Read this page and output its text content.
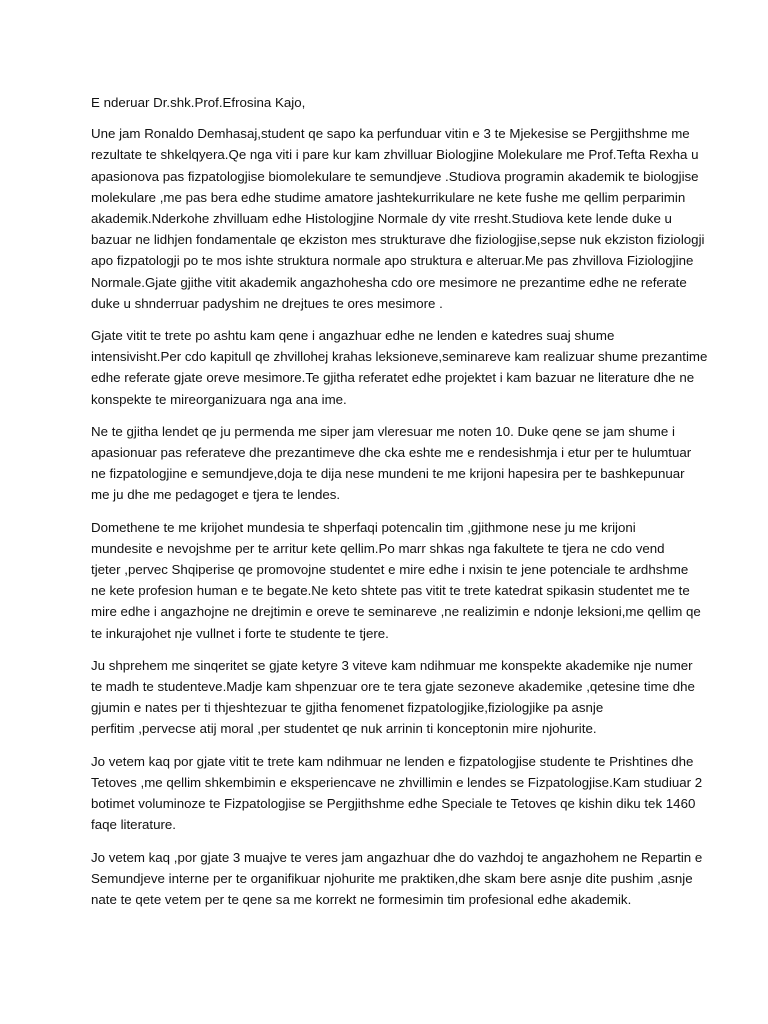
E nderuar Dr.shk.Prof.Efrosina Kajo,

Une jam Ronaldo Demhasaj,student qe sapo ka perfunduar vitin e 3 te Mjekesise se Pergjithshme me
rezultate te shkelqyera.Qe nga viti i pare kur kam zhvilluar Biologjine Molekulare me Prof.Tefta Rexha u
apasionova pas fizpatologjise biomolekulare te semundjeve .Studiova programin akademik te biologjise
molekulare ,me pas bera edhe studime amatore jashtekurrikulare ne kete fushe me qellim perparimin
akademik.Nderkohe zhvilluam edhe Histologjine Normale dy vite rresht.Studiova kete lende duke u
bazuar ne lidhjen fondamentale qe ekziston mes strukturave dhe fiziologjise,sepse nuk ekziston fiziologji
apo fizpatologji po te mos ishte struktura normale apo struktura e alteruar.Me pas zhvillova Fiziologjine
Normale.Gjate gjithe vitit akademik angazhohesha cdo ore mesimore ne prezantime edhe ne referate
duke u shnderruar padyshim ne drejtues te ores mesimore .

Gjate vitit te trete po ashtu kam qene i angazhuar edhe ne lenden e katedres suaj shume
intensivisht.Per cdo kapitull qe zhvillohej krahas leksioneve,seminareve kam realizuar shume prezantime
edhe referate gjate oreve mesimore.Te gjitha referatet edhe projektet i kam bazuar ne literature dhe ne
konspekte te mireorganizuara nga ana ime.

Ne te gjitha lendet qe ju permenda me siper jam vleresuar me noten 10. Duke qene se jam shume i
apasionuar pas referateve dhe prezantimeve dhe cka eshte me e rendesishmja i etur per te hulumtuar
ne fizpatologjine e semundjeve,doja te dija nese mundeni te me krijoni hapesira per te bashkepunuar
me ju dhe me pedagoget e tjera te lendes.

Domethene te me krijohet mundesia te shperfaqi potencalin tim ,gjithmone nese ju me krijoni
mundesite e nevojshme per te arritur kete qellim.Po marr shkas nga fakultete te tjera ne cdo vend
tjeter ,pervec Shqiperise qe promovojne studentet e mire edhe i nxisin te jene potenciale te ardhshme
ne kete profesion human e te begate.Ne keto shtete pas vitit te trete katedrat spikasin studentet me te
mire edhe i angazhojne ne drejtimin e oreve te seminareve ,ne realizimin e ndonje leksioni,me qellim qe
te inkurajohet nje vullnet i forte te studente te tjere.

Ju shprehem me sinqeritet se gjate ketyre 3 viteve kam ndihmuar me konspekte akademike nje numer
te madh te studenteve.Madje kam shpenzuar ore te tera gjate sezoneve akademike ,qetesine time dhe
gjumin e nates per ti thjeshtezuar te gjitha fenomenet fizpatologjike,fiziologjike pa asnje
perfitim ,pervecse atij moral ,per studentet qe nuk arrinin ti konceptonin mire njohurite.

Jo vetem kaq por gjate vitit te trete kam ndihmuar ne lenden e fizpatologjise studente te Prishtines dhe
Tetoves ,me qellim shkembimin e eksperiencave ne zhvillimin e lendes se Fizpatologjise.Kam studiuar 2
botimet voluminoze te Fizpatologjise se Pergjithshme edhe Speciale te Tetoves qe kishin diku tek 1460
faqe literature.

Jo vetem kaq ,por gjate 3 muajve te veres jam angazhuar dhe do vazhdoj te angazhohem ne Repartin e
Semundjeve interne per te organifikuar njohurite me praktiken,dhe skam bere asnje dite pushim ,asnje
nate te qete vetem per te qene sa me korrekt ne formesimin tim profesional edhe akademik.
